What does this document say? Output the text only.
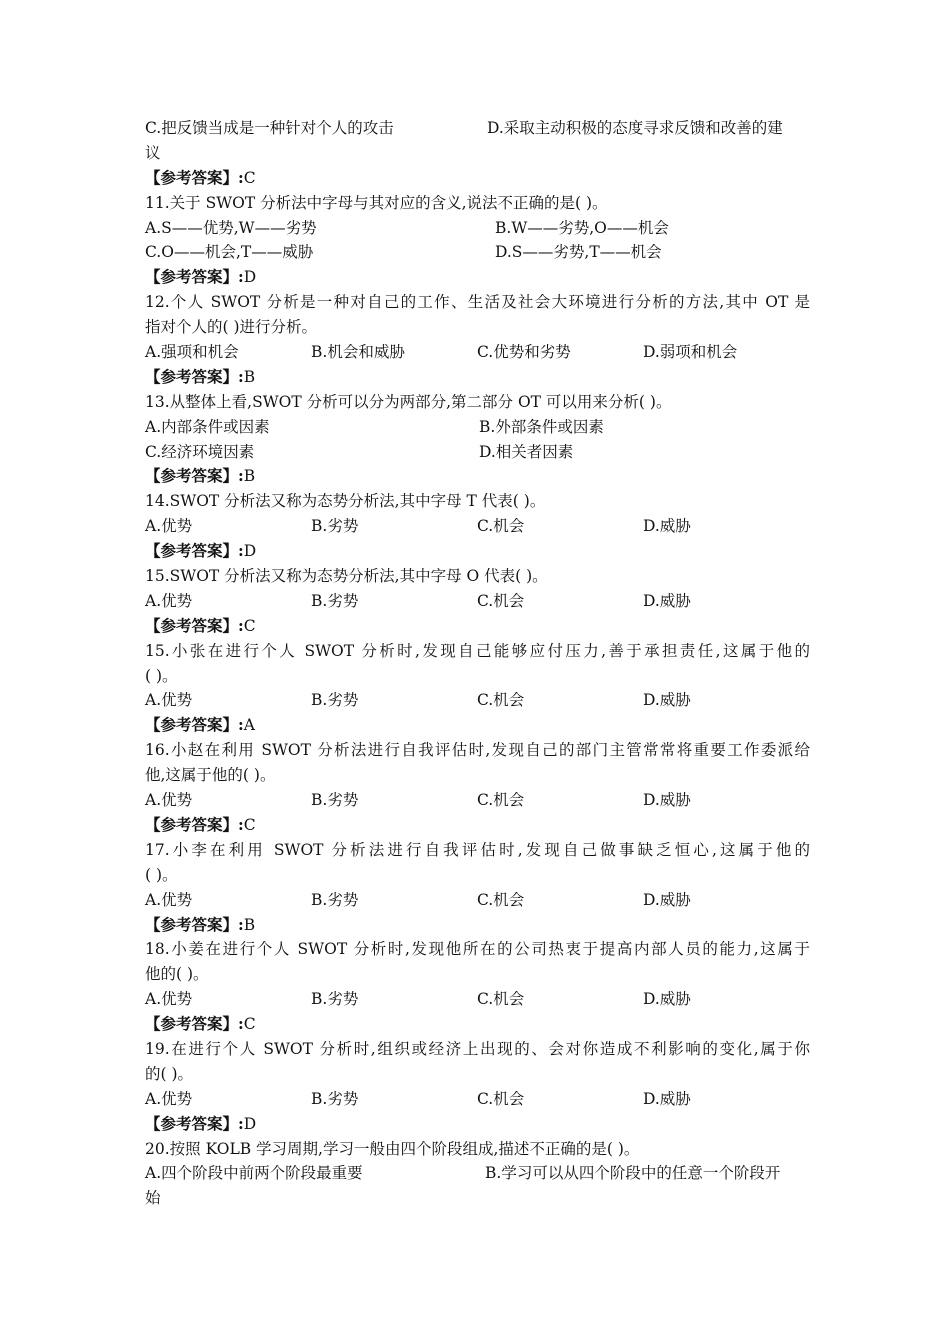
C.把反馈当成是一种针对个人的攻击	D.采取主动积极的态度寻求反馈和改善的建
议
【参考答案】:C
11.关于 SWOT 分析法中字母与其对应的含义,说法不正确的是( )。
A.S——优势,W——劣势	B.W——劣势,O——机会
C.O——机会,T——威胁	D.S——劣势,T——机会
【参考答案】:D
12.个人 SWOT 分析是一种对自己的工作、生活及社会大环境进行分析的方法,其中 OT 是
指对个人的( )进行分析。
A.强项和机会	B.机会和威胁	C.优势和劣势	D.弱项和机会
【参考答案】:B
13.从整体上看,SWOT 分析可以分为两部分,第二部分 OT 可以用来分析( )。
A.内部条件或因素	B.外部条件或因素
C.经济环境因素	D.相关者因素
【参考答案】:B
14.SWOT 分析法又称为态势分析法,其中字母 T 代表( )。
A.优势	B.劣势	C.机会	D.威胁
【参考答案】:D
15.SWOT 分析法又称为态势分析法,其中字母 O 代表( )。
A.优势	B.劣势	C.机会	D.威胁
【参考答案】:C
15.小张在进行个人 SWOT 分析时,发现自己能够应付压力,善于承担责任,这属于他的
( )。
A.优势	B.劣势	C.机会	D.威胁
【参考答案】:A
16.小赵在利用 SWOT 分析法进行自我评估时,发现自己的部门主管常常将重要工作委派给
他,这属于他的( )。
A.优势	B.劣势	C.机会	D.威胁
【参考答案】:C
17.小李在利用 SWOT 分析法进行自我评估时,发现自己做事缺乏恒心,这属于他的
( )。
A.优势	B.劣势	C.机会	D.威胁
【参考答案】:B
18.小姜在进行个人 SWOT 分析时,发现他所在的公司热衷于提高内部人员的能力,这属于
他的( )。
A.优势	B.劣势	C.机会	D.威胁
【参考答案】:C
19.在进行个人 SWOT 分析时,组织或经济上出现的、会对你造成不利影响的变化,属于你
的( )。
A.优势	B.劣势	C.机会	D.威胁
【参考答案】:D
20.按照 KOLB 学习周期,学习一般由四个阶段组成,描述不正确的是( )。
A.四个阶段中前两个阶段最重要	B.学习可以从四个阶段中的任意一个阶段开
始
